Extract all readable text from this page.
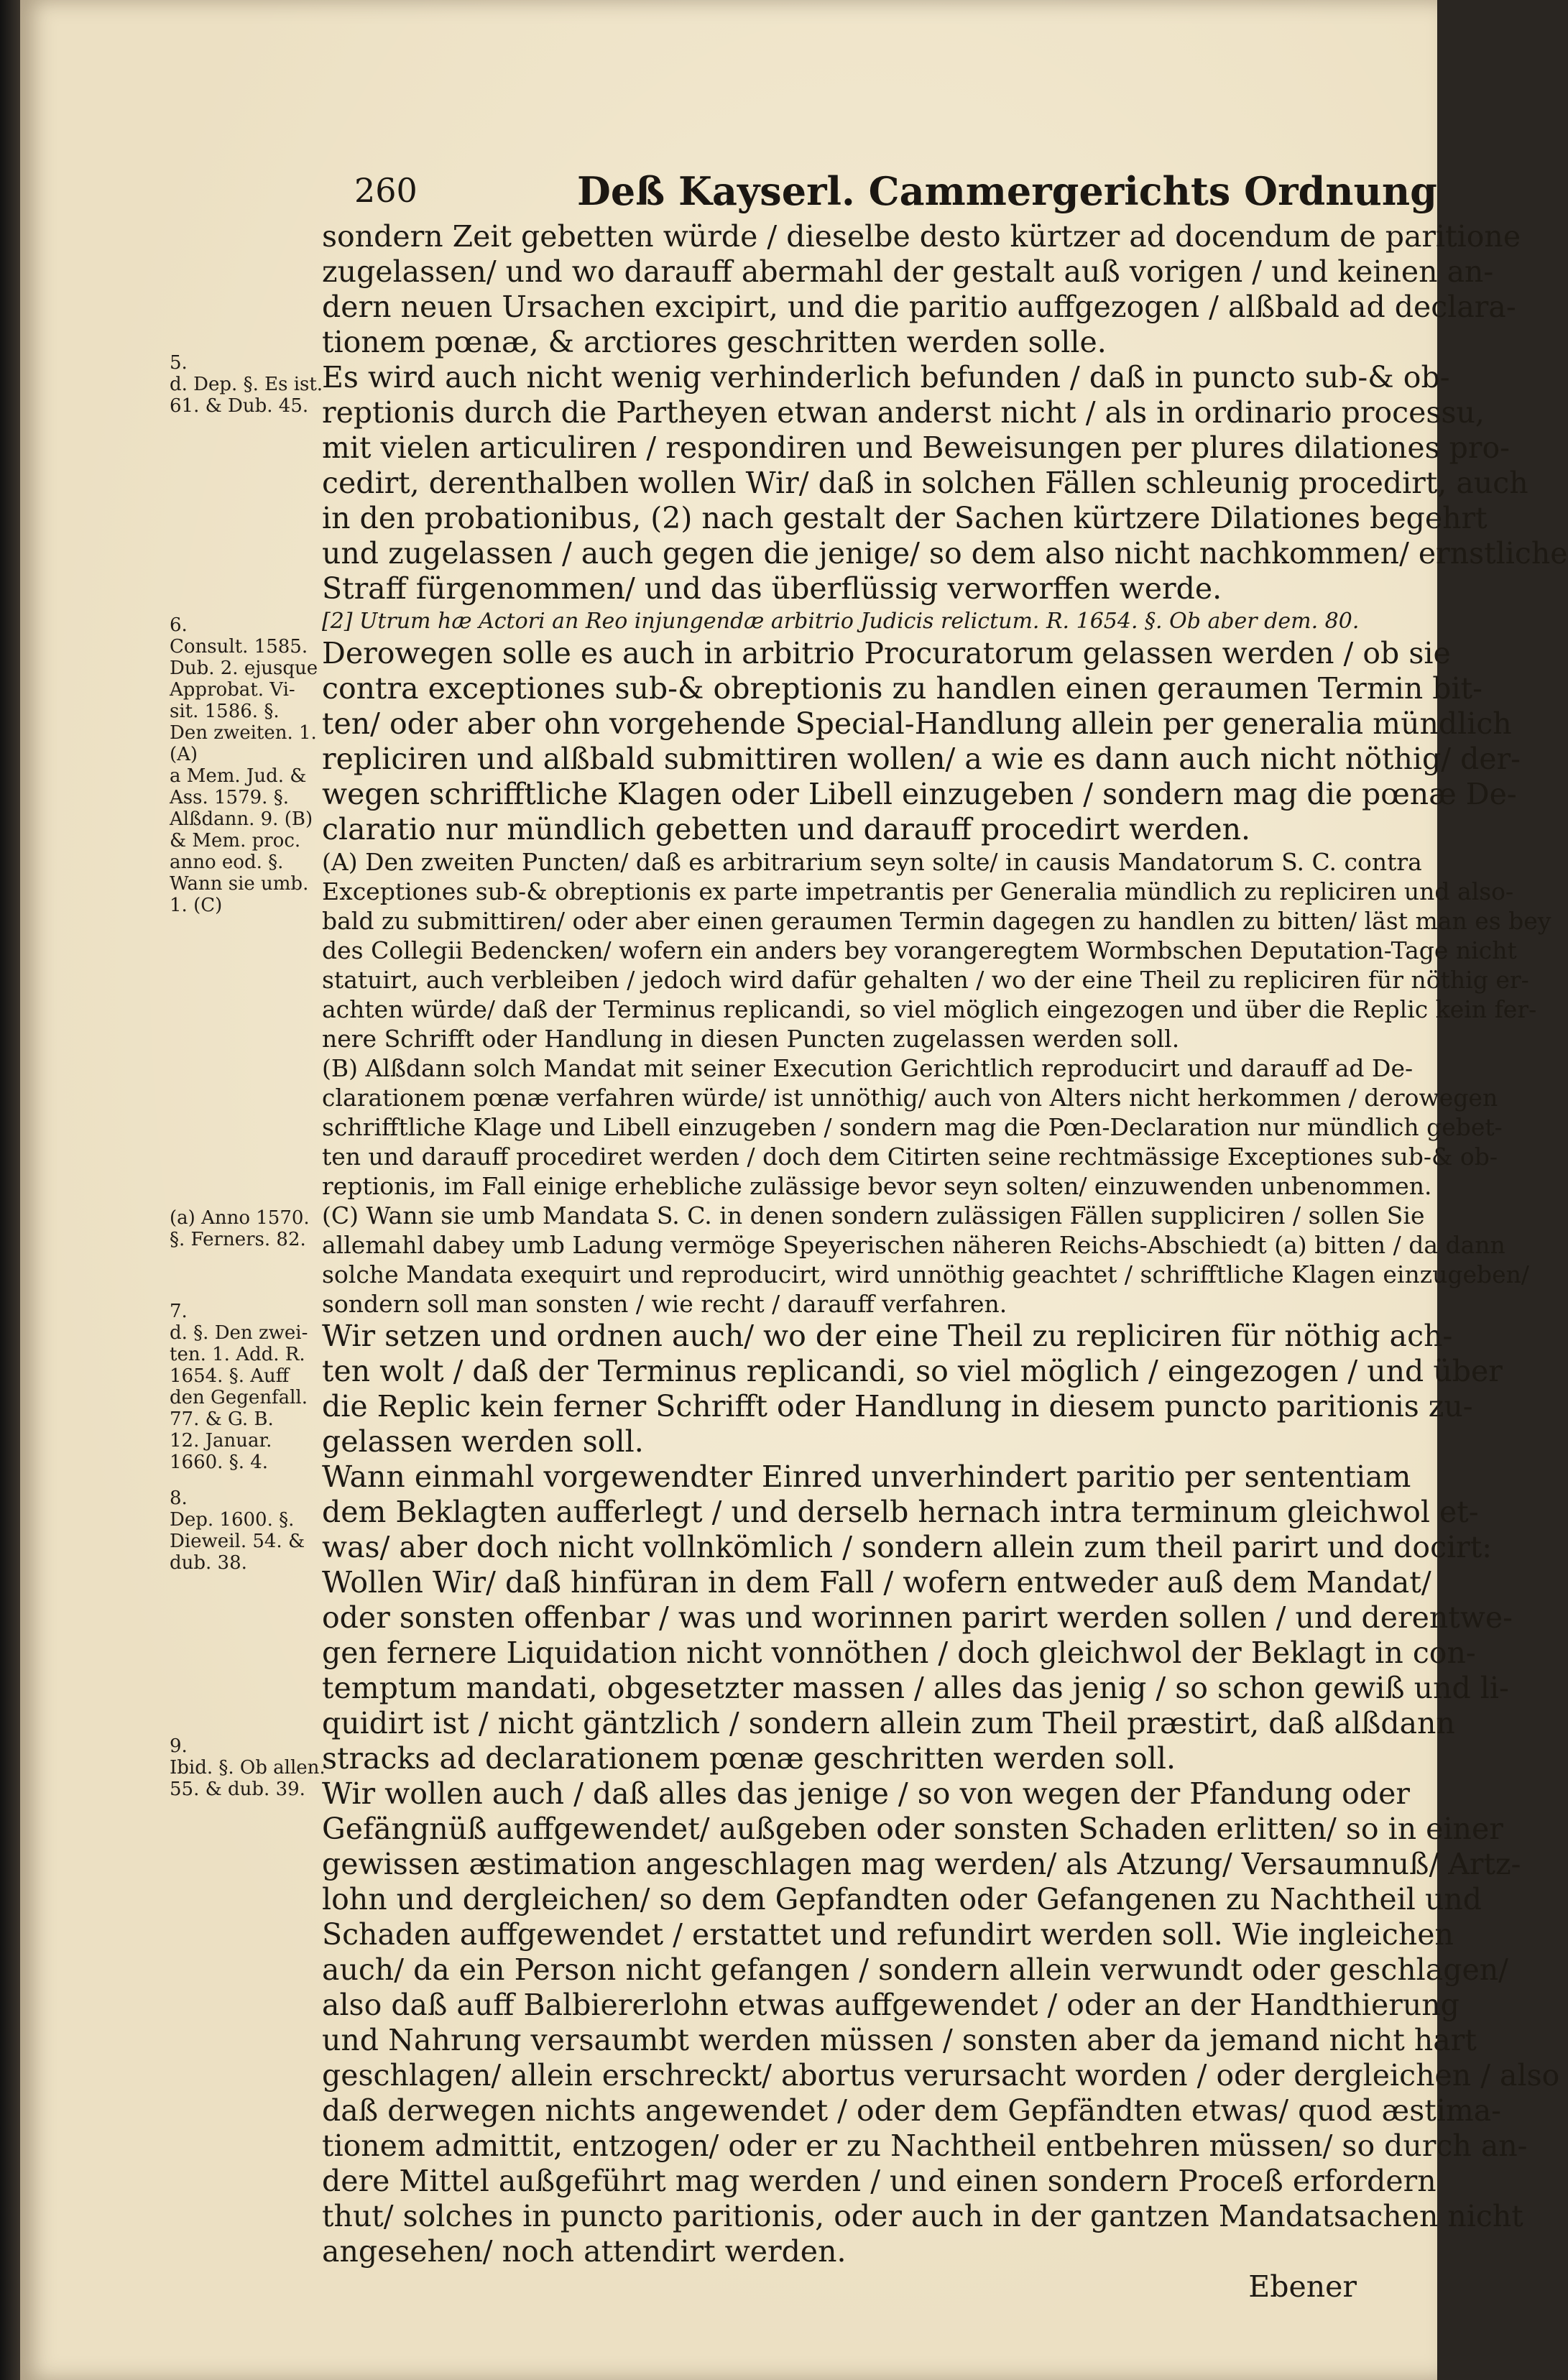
260	Deß Kayserl. Cammergerichts Ordnung
sondern Zeit gebetten würde / dieselbe desto kürtzer ad docendum de paritione
zugelassen/ und wo darauff abermahl der gestalt auß vorigen / und keinen an-
dern neuen Ursachen excipirt, und die paritio auffgezogen / alßbald ad declara-
tionem pœnæ, & arctiores geschritten werden solle.
Es wird auch nicht wenig verhinderlich befunden / daß in puncto sub-& ob-
reptionis durch die Partheyen etwan anderst nicht / als in ordinario processu,
mit vielen articuliren / respondiren und Beweisungen per plures dilationes pro-
cedirt, derenthalben wollen Wir/ daß in solchen Fällen schleunig procedirt, auch
in den probationibus, (2) nach gestalt der Sachen kürtzere Dilationes begehrt
und zugelassen / auch gegen die jenige/ so dem also nicht nachkommen/ ernstliche
Straff fürgenommen/ und das überflüssig verworffen werde.
[2] Utrum hæ Actori an Reo injungendæ arbitrio Judicis relictum. R. 1654. §. Ob aber dem. 80.
Derowegen solle es auch in arbitrio Procuratorum gelassen werden / ob sie
contra exceptiones sub-& obreptionis zu handlen einen geraumen Termin bit-
ten/ oder aber ohn vorgehende Special-Handlung allein per generalia mündlich
repliciren und alßbald submittiren wollen/ a wie es dann auch nicht nöthig/ der-
wegen schrifftliche Klagen oder Libell einzugeben / sondern mag die pœnæ De-
claratio nur mündlich gebetten und darauff procedirt werden.
(A) Den zweiten Puncten/ daß es arbitrarium seyn solte/ in causis Mandatorum S. C. contra
Exceptiones sub-& obreptionis ex parte impetrantis per Generalia mündlich zu repliciren und also-
bald zu submittiren/ oder aber einen geraumen Termin dagegen zu handlen zu bitten/ läst man es bey
des Collegii Bedencken/ wofern ein anders bey vorangeregtem Wormbschen Deputation-Tage nicht
statuirt, auch verbleiben / jedoch wird dafür gehalten / wo der eine Theil zu repliciren für nöthig er-
achten würde/ daß der Terminus replicandi, so viel möglich eingezogen und über die Replic kein fer-
nere Schrifft oder Handlung in diesen Puncten zugelassen werden soll.
(B) Alßdann solch Mandat mit seiner Execution Gerichtlich reproducirt und darauff ad De-
clarationem pœnæ verfahren würde/ ist unnöthig/ auch von Alters nicht herkommen / derowegen
schrifftliche Klage und Libell einzugeben / sondern mag die Pœn-Declaration nur mündlich gebet-
ten und darauff procediret werden / doch dem Citirten seine rechtmässige Exceptiones sub-& ob-
reptionis, im Fall einige erhebliche zulässige bevor seyn solten/ einzuwenden unbenommen.
(C) Wann sie umb Mandata S. C. in denen sondern zulässigen Fällen suppliciren / sollen Sie
allemahl dabey umb Ladung vermöge Speyerischen näheren Reichs-Abschiedt (a) bitten / da dann
solche Mandata exequirt und reproducirt, wird unnöthig geachtet / schrifftliche Klagen einzugeben/
sondern soll man sonsten / wie recht / darauff verfahren.
Wir setzen und ordnen auch/ wo der eine Theil zu repliciren für nöthig ach-
ten wolt / daß der Terminus replicandi, so viel möglich / eingezogen / und über
die Replic kein ferner Schrifft oder Handlung in diesem puncto paritionis zu-
gelassen werden soll.
Wann einmahl vorgewendter Einred unverhindert paritio per sententiam
dem Beklagten aufferlegt / und derselb hernach intra terminum gleichwol et-
was/ aber doch nicht vollnkömlich / sondern allein zum theil parirt und docirt:
Wollen Wir/ daß hinfüran in dem Fall / wofern entweder auß dem Mandat/
oder sonsten offenbar / was und worinnen parirt werden sollen / und derentwe-
gen fernere Liquidation nicht vonnöthen / doch gleichwol der Beklagt in con-
temptum mandati, obgesetzter massen / alles das jenig / so schon gewiß und li-
quidirt ist / nicht gäntzlich / sondern allein zum Theil præstirt, daß alßdann
stracks ad declarationem pœnæ geschritten werden soll.
Wir wollen auch / daß alles das jenige / so von wegen der Pfandung oder
Gefängnüß auffgewendet/ außgeben oder sonsten Schaden erlitten/ so in einer
gewissen æstimation angeschlagen mag werden/ als Atzung/ Versaumnuß/ Artz-
lohn und dergleichen/ so dem Gepfandten oder Gefangenen zu Nachtheil und
Schaden auffgewendet / erstattet und refundirt werden soll. Wie ingleichen
auch/ da ein Person nicht gefangen / sondern allein verwundt oder geschlagen/
also daß auff Balbiererlohn etwas auffgewendet / oder an der Handthierung
und Nahrung versaumbt werden müssen / sonsten aber da jemand nicht hart
geschlagen/ allein erschreckt/ abortus verursacht worden / oder dergleichen / also
daß derwegen nichts angewendet / oder dem Gepfändten etwas/ quod æstima-
tionem admittit, entzogen/ oder er zu Nachtheil entbehren müssen/ so durch an-
dere Mittel außgeführt mag werden / und einen sondern Proceß erfordern
thut/ solches in puncto paritionis, oder auch in der gantzen Mandatsachen nicht
angesehen/ noch attendirt werden.
Ebener
5.
d. Dep. §. Es ist.
61. & Dub. 45.
6.
Consult. 1585.
Dub. 2. ejusque
Approbat. Vi-
sit. 1586. §.
Den zweiten. 1.
(A)
a Mem. Jud. &
Ass. 1579. §.
Alßdann. 9. (B)
& Mem. proc.
anno eod. §.
Wann sie umb.
1. (C)
(a) Anno 1570.
§. Ferners. 82.
7.
d. §. Den zwei-
ten. 1. Add. R.
1654. §. Auff
den Gegenfall.
77. & G. B.
12. Januar.
1660. §. 4.
8.
Dep. 1600. §.
Dieweil. 54. &
dub. 38.
9.
Ibid. §. Ob allen.
55. & dub. 39.
